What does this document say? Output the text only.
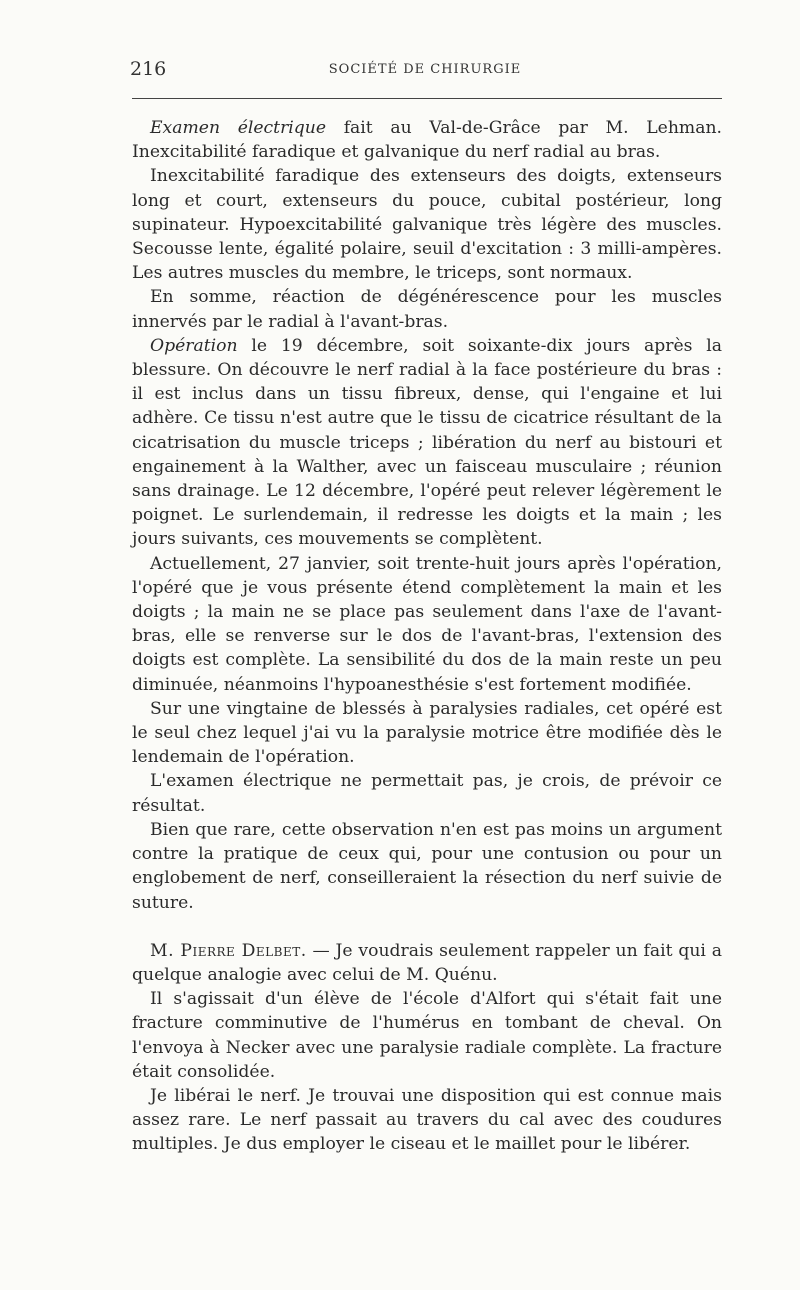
216	SOCIÉTÉ DE CHIRURGIE

Examen électrique fait au Val-de-Grâce par M. Lehman. Inexcitabilité faradique et galvanique du nerf radial au bras.

Inexcitabilité faradique des extenseurs des doigts, extenseurs long et court, extenseurs du pouce, cubital postérieur, long supinateur. Hypoexcitabilité galvanique très légère des muscles. Secousse lente, égalité polaire, seuil d'excitation : 3 milli-ampères. Les autres muscles du membre, le triceps, sont normaux.

En somme, réaction de dégénérescence pour les muscles innervés par le radial à l'avant-bras.

Opération le 19 décembre, soit soixante-dix jours après la blessure. On découvre le nerf radial à la face postérieure du bras : il est inclus dans un tissu fibreux, dense, qui l'engaine et lui adhère. Ce tissu n'est autre que le tissu de cicatrice résultant de la cicatrisation du muscle triceps ; libération du nerf au bistouri et engainement à la Walther, avec un faisceau musculaire ; réunion sans drainage. Le 12 décembre, l'opéré peut relever légèrement le poignet. Le surlendemain, il redresse les doigts et la main ; les jours suivants, ces mouvements se complètent.

Actuellement, 27 janvier, soit trente-huit jours après l'opération, l'opéré que je vous présente étend complètement la main et les doigts ; la main ne se place pas seulement dans l'axe de l'avant-bras, elle se renverse sur le dos de l'avant-bras, l'extension des doigts est complète. La sensibilité du dos de la main reste un peu diminuée, néanmoins l'hypoanesthésie s'est fortement modifiée.

Sur une vingtaine de blessés à paralysies radiales, cet opéré est le seul chez lequel j'ai vu la paralysie motrice être modifiée dès le lendemain de l'opération.

L'examen électrique ne permettait pas, je crois, de prévoir ce résultat.

Bien que rare, cette observation n'en est pas moins un argument contre la pratique de ceux qui, pour une contusion ou pour un englobement de nerf, conseilleraient la résection du nerf suivie de suture.

M. Pierre Delbet. — Je voudrais seulement rappeler un fait qui a quelque analogie avec celui de M. Quénu.

Il s'agissait d'un élève de l'école d'Alfort qui s'était fait une fracture comminutive de l'humérus en tombant de cheval. On l'envoya à Necker avec une paralysie radiale complète. La fracture était consolidée.

Je libérai le nerf. Je trouvai une disposition qui est connue mais assez rare. Le nerf passait au travers du cal avec des coudures multiples. Je dus employer le ciseau et le maillet pour le libérer.
